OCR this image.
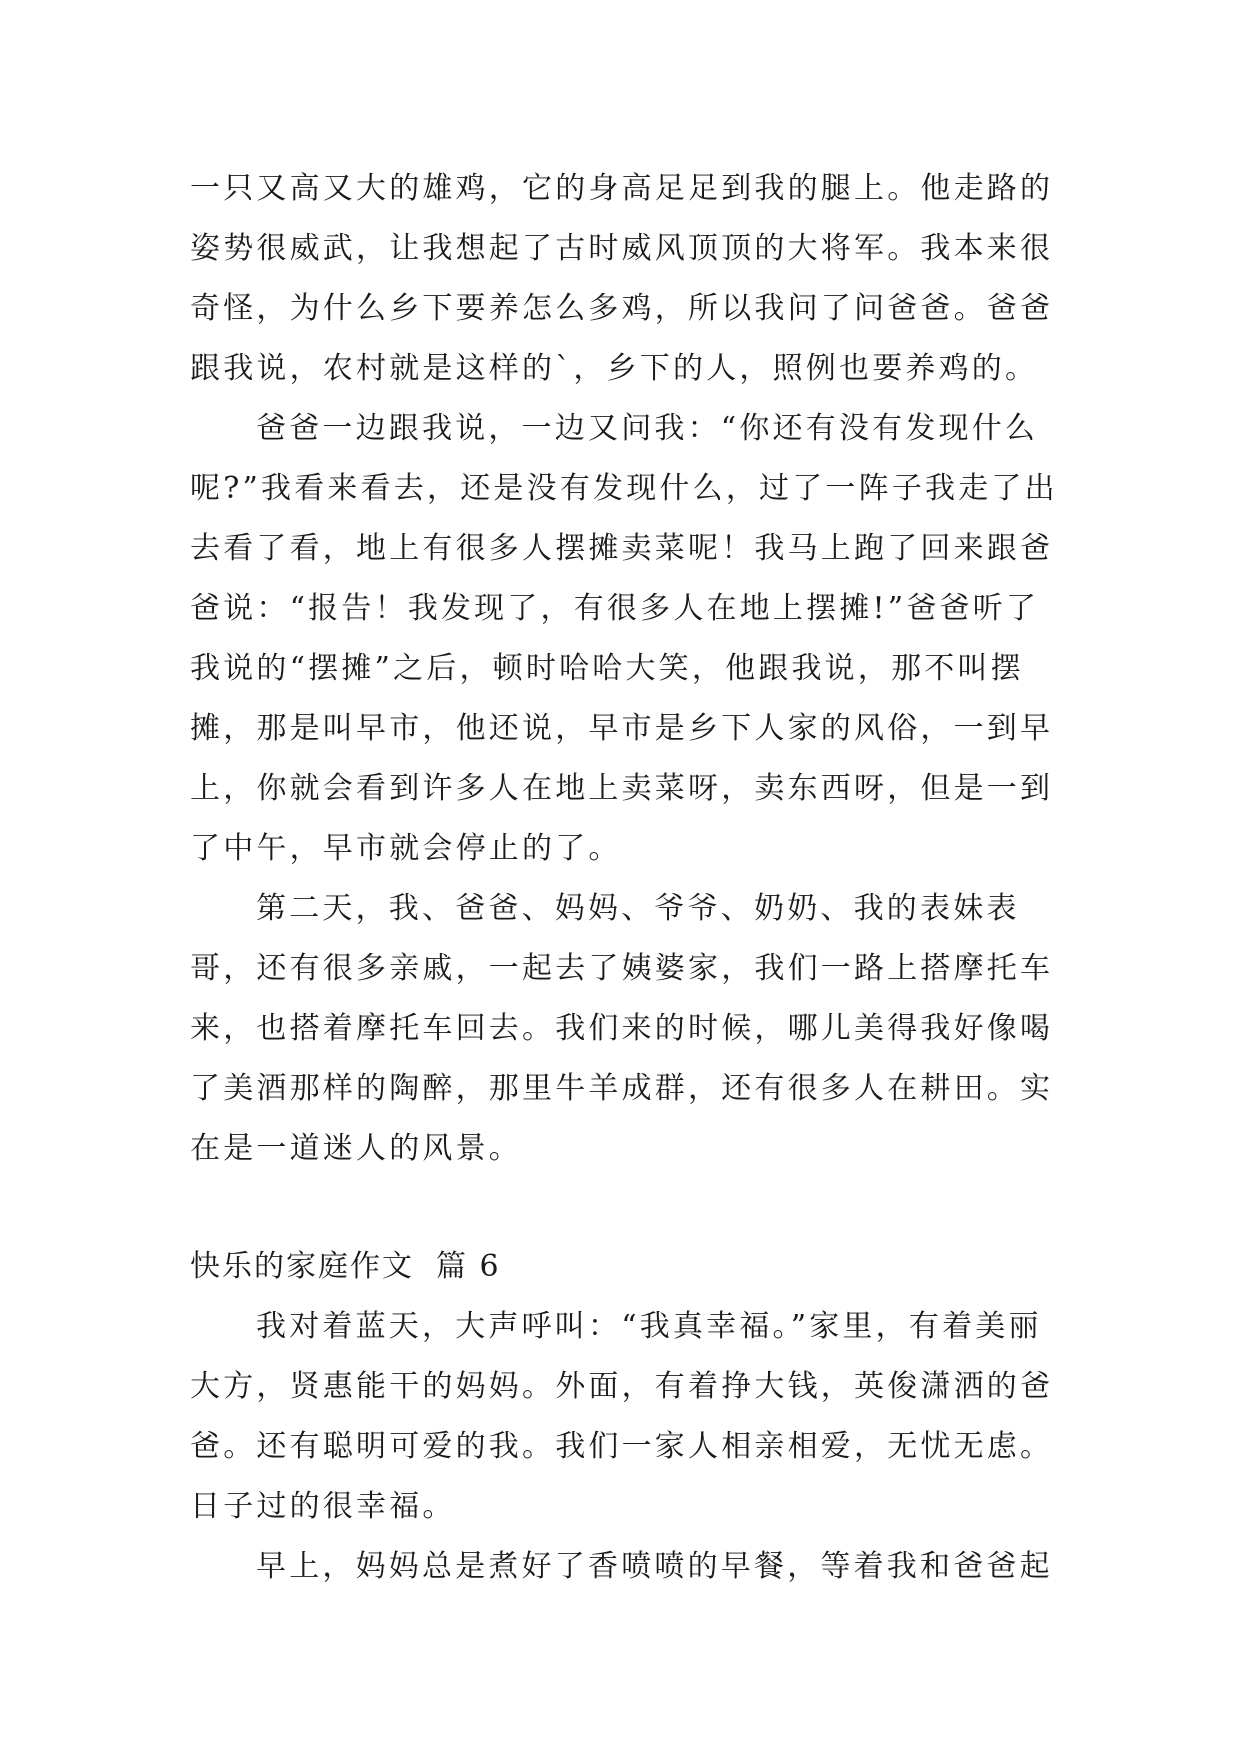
一只又高又大的雄鸡，它的身高足足到我的腿上。他走路的姿势很威武，让我想起了古时威风顶顶的大将军。我本来很奇怪，为什么乡下要养怎么多鸡，所以我问了问爸爸。爸爸跟我说，农村就是这样的`，乡下的人，照例也要养鸡的。

爸爸一边跟我说，一边又问我：“你还有没有发现什么呢?”我看来看去，还是没有发现什么，过了一阵子我走了出去看了看，地上有很多人摆摊卖菜呢！我马上跑了回来跟爸爸说：“报告！我发现了，有很多人在地上摆摊!”爸爸听了我说的“摆摊”之后，顿时哈哈大笑，他跟我说，那不叫摆摊，那是叫早市，他还说，早市是乡下人家的风俗，一到早上，你就会看到许多人在地上卖菜呀，卖东西呀，但是一到了中午，早市就会停止的了。

第二天，我、爸爸、妈妈、爷爷、奶奶、我的表妹表哥，还有很多亲戚，一起去了姨婆家，我们一路上搭摩托车来，也搭着摩托车回去。我们来的时候，哪儿美得我好像喝了美酒那样的陶醉，那里牛羊成群，还有很多人在耕田。实在是一道迷人的风景。

快乐的家庭作文 篇 6

我对着蓝天，大声呼叫：“我真幸福。”家里，有着美丽大方，贤惠能干的妈妈。外面，有着挣大钱，英俊潇洒的爸爸。还有聪明可爱的我。我们一家人相亲相爱，无忧无虑。日子过的很幸福。

早上，妈妈总是煮好了香喷喷的早餐，等着我和爸爸起
